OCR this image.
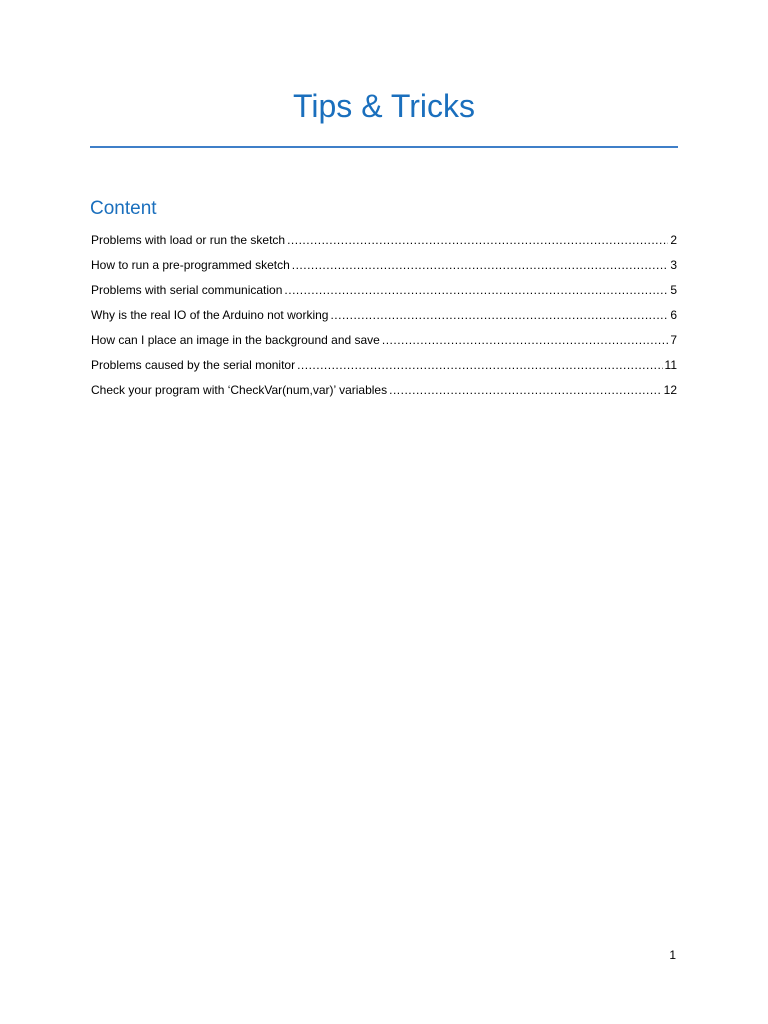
Tips & Tricks
Content
Problems with load or run the sketch .....	2
How to run a pre-programmed sketch .....	3
Problems with serial communication .....	5
Why is the real IO of the Arduino not working .....	6
How can I place an image in the background and save .....	7
Problems caused by the serial monitor .....	11
Check your program with ‘CheckVar(num,var)’ variables .....	12
1
